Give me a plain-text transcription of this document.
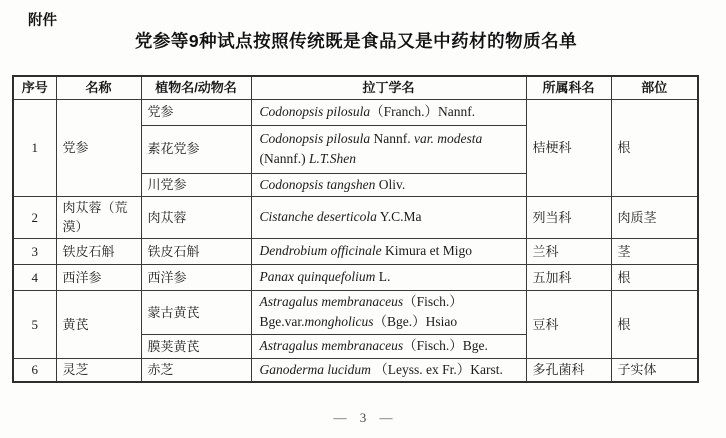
附件
党参等9种试点按照传统既是食品又是中药材的物质名单
序号	名称	植物名/动物名	拉丁学名	所属科名	部位
1	党参	党参	Codonopsis pilosula（Franch.）Nannf.	桔梗科	根
		素花党参	Codonopsis pilosula Nannf. var. modesta (Nannf.) L.T.Shen		
		川党参	Codonopsis tangshen Oliv.		
2	肉苁蓉（荒漠）	肉苁蓉	Cistanche deserticola Y.C.Ma	列当科	肉质茎
3	铁皮石斛	铁皮石斛	Dendrobium officinale Kimura et Migo	兰科	茎
4	西洋参	西洋参	Panax quinquefolium L.	五加科	根
5	黄芪	蒙古黄芪	Astragalus membranaceus（Fisch.）Bge.var.mongholicus（Bge.）Hsiao	豆科	根
		膜荚黄芪	Astragalus membranaceus（Fisch.）Bge.		
6	灵芝	赤芝	Ganoderma lucidum （Leyss. ex Fr.）Karst.	多孔菌科	子实体
— 3 —
